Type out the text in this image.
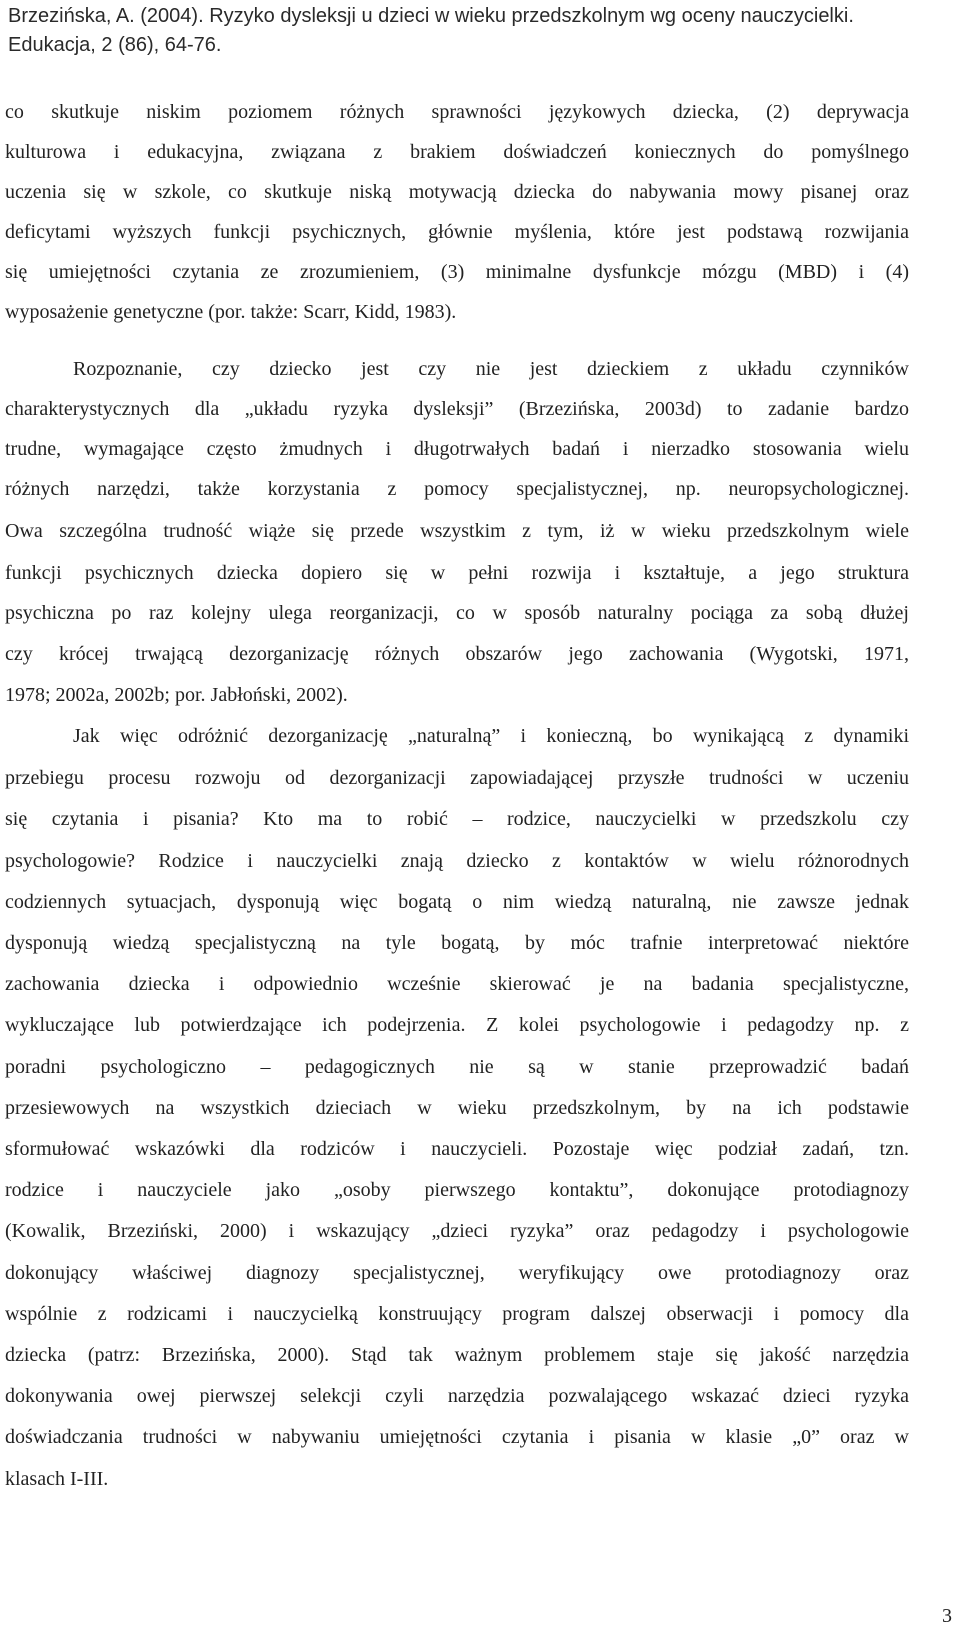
Brzezińska, A. (2004). Ryzyko dysleksji u dzieci w wieku przedszkolnym wg oceny nauczycielki.
Edukacja, 2 (86), 64-76.
co skutkuje niskim poziomem różnych sprawności językowych dziecka, (2) deprywacja
kulturowa i edukacyjna, związana z brakiem doświadczeń koniecznych do pomyślnego
uczenia się w szkole, co skutkuje niską motywacją dziecka do nabywania mowy pisanej oraz
deficytami wyższych funkcji psychicznych, głównie myślenia, które jest podstawą rozwijania
się umiejętności czytania ze zrozumieniem, (3) minimalne dysfunkcje mózgu (MBD) i (4)
wyposażenie genetyczne (por. także: Scarr, Kidd, 1983).
Rozpoznanie, czy dziecko jest czy nie jest dzieckiem z układu czynników
charakterystycznych dla „układu ryzyka dysleksji” (Brzezińska, 2003d) to zadanie bardzo
trudne, wymagające często żmudnych i długotrwałych badań i nierzadko stosowania wielu
różnych narzędzi, także korzystania z pomocy specjalistycznej, np. neuropsychologicznej.
Owa szczególna trudność wiąże się przede wszystkim z tym, iż w wieku przedszkolnym wiele
funkcji psychicznych dziecka dopiero się w pełni rozwija i kształtuje, a jego struktura
psychiczna po raz kolejny ulega reorganizacji, co w sposób naturalny pociąga za sobą dłużej
czy krócej trwającą dezorganizację różnych obszarów jego zachowania (Wygotski, 1971,
1978; 2002a, 2002b; por. Jabłoński, 2002).
Jak więc odróżnić dezorganizację „naturalną” i konieczną, bo wynikającą z dynamiki
przebiegu procesu rozwoju od dezorganizacji zapowiadającej przyszłe trudności w uczeniu
się czytania i pisania? Kto ma to robić – rodzice, nauczycielki w przedszkolu czy
psychologowie? Rodzice i nauczycielki znają dziecko z kontaktów w wielu różnorodnych
codziennych sytuacjach, dysponują więc bogatą o nim wiedzą naturalną, nie zawsze jednak
dysponują wiedzą specjalistyczną na tyle bogatą, by móc trafnie interpretować niektóre
zachowania dziecka i odpowiednio wcześnie skierować je na badania specjalistyczne,
wykluczające lub potwierdzające ich podejrzenia. Z kolei psychologowie i pedagodzy np. z
poradni psychologiczno – pedagogicznych nie są w stanie przeprowadzić badań
przesiewowych na wszystkich dzieciach w wieku przedszkolnym, by na ich podstawie
sformułować wskazówki dla rodziców i nauczycieli. Pozostaje więc podział zadań, tzn.
rodzice i nauczyciele jako „osoby pierwszego kontaktu”, dokonujące protodiagnozy
(Kowalik, Brzeziński, 2000) i wskazujący „dzieci ryzyka” oraz pedagodzy i psychologowie
dokonujący właściwej diagnozy specjalistycznej, weryfikujący owe protodiagnozy oraz
wspólnie z rodzicami i nauczycielką konstruujący program dalszej obserwacji i pomocy dla
dziecka (patrz: Brzezińska, 2000). Stąd tak ważnym problemem staje się jakość narzędzia
dokonywania owej pierwszej selekcji czyli narzędzia pozwalającego wskazać dzieci ryzyka
doświadczania trudności w nabywaniu umiejętności czytania i pisania w klasie „0” oraz w
klasach I-III.
3
